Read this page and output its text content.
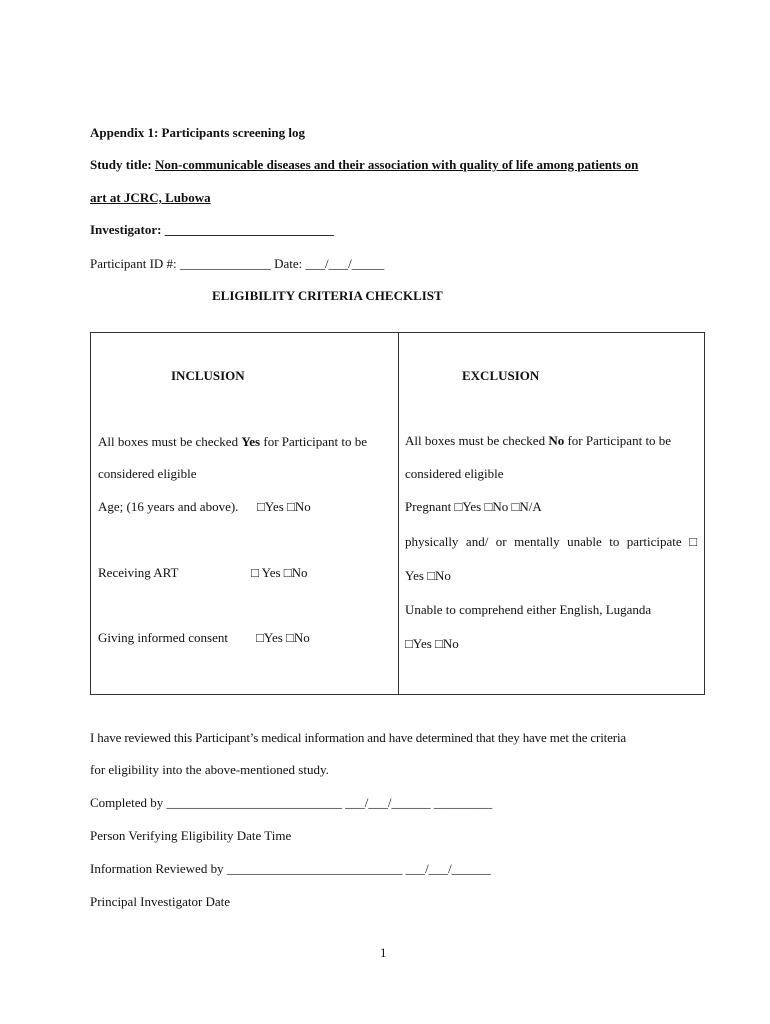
Appendix 1: Participants screening log
Study title: Non-communicable diseases and their association with quality of life among patients on
art at JCRC, Lubowa
Investigator: __________________________
Participant ID #: ______________ Date: ___/___/_____
ELIGIBILITY CRITERIA CHECKLIST
INCLUSION
All boxes must be checked Yes for Participant to be
considered eligible
Age; (16 years and above). □Yes □No
Receiving ART	□ Yes □No
Giving informed consent □Yes □No
EXCLUSION
All boxes must be checked No for Participant to be
considered eligible
Pregnant □Yes □No □N/A
physically and/ or mentally unable to participate □
Yes □No
Unable to comprehend either English, Luganda
□Yes □No
I have reviewed this Participant’s medical information and have determined that they have met the criteria
for eligibility into the above-mentioned study.
Completed by ___________________________ ___/___/______ _________
Person Verifying Eligibility Date Time
Information Reviewed by ___________________________ ___/___/______
Principal Investigator Date
1
